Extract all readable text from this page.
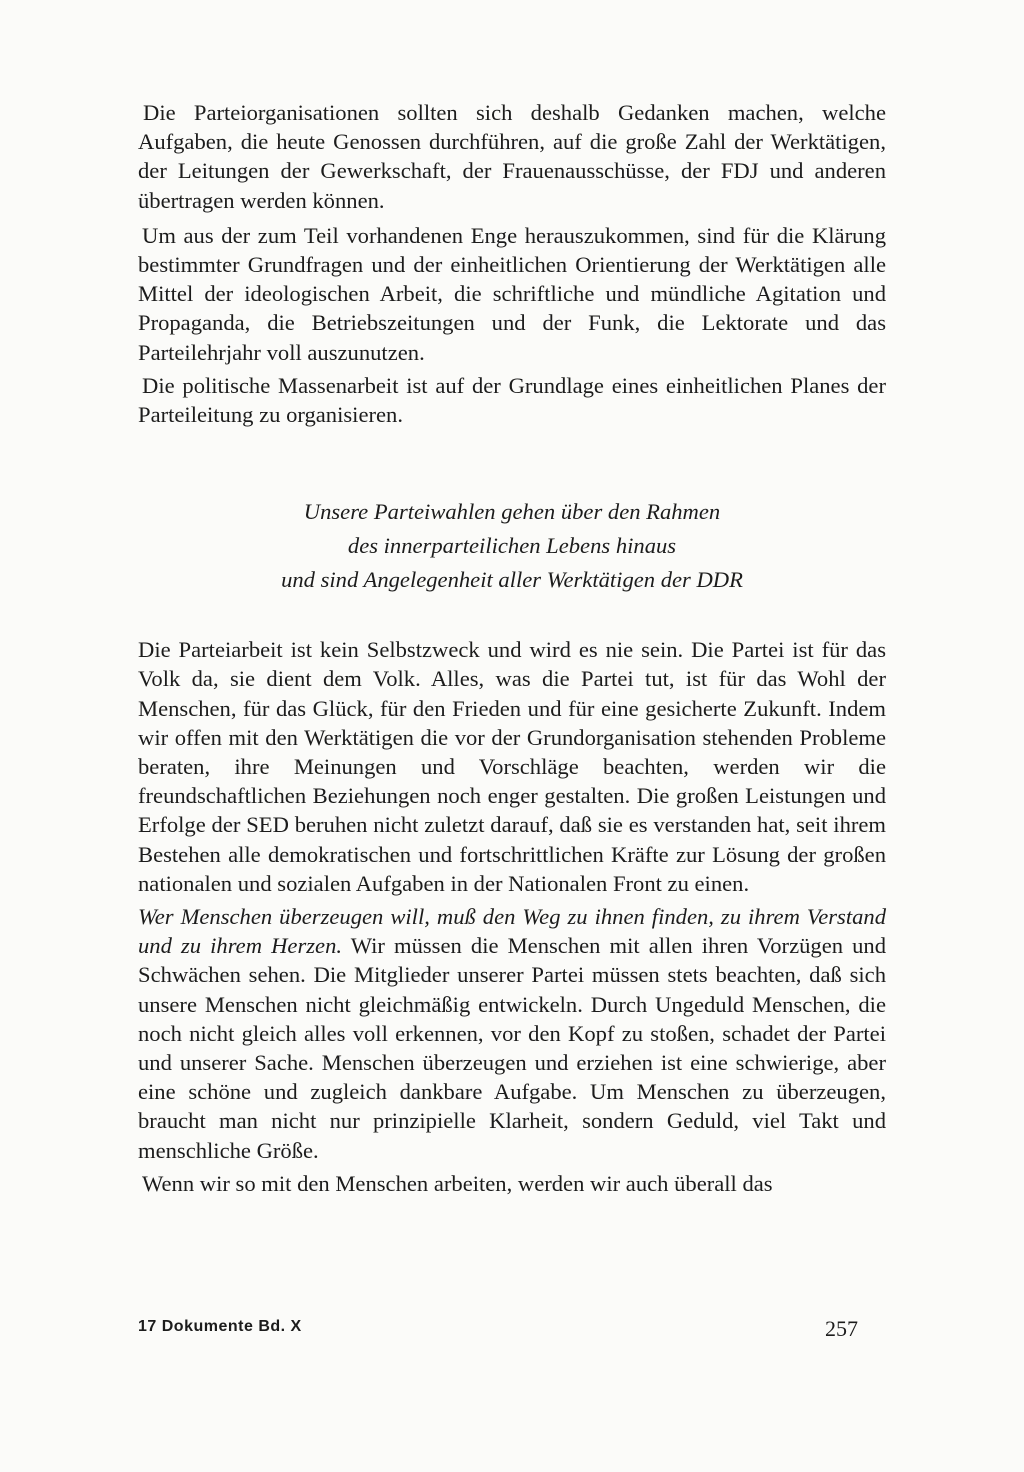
Die Parteiorganisationen sollten sich deshalb Gedanken machen, welche Aufgaben, die heute Genossen durchführen, auf die große Zahl der Werktätigen, der Leitungen der Gewerkschaft, der Frauenausschüsse, der FDJ und anderen übertragen werden können.

Um aus der zum Teil vorhandenen Enge herauszukommen, sind für die Klärung bestimmter Grundfragen und der einheitlichen Orientierung der Werktätigen alle Mittel der ideologischen Arbeit, die schriftliche und mündliche Agitation und Propaganda, die Betriebszeitungen und der Funk, die Lektorate und das Parteilehrjahr voll auszunutzen.

Die politische Massenarbeit ist auf der Grundlage eines einheitlichen Planes der Parteileitung zu organisieren.

Unsere Parteiwahlen gehen über den Rahmen
des innerparteilichen Lebens hinaus
und sind Angelegenheit aller Werktätigen der DDR

Die Parteiarbeit ist kein Selbstzweck und wird es nie sein. Die Partei ist für das Volk da, sie dient dem Volk. Alles, was die Partei tut, ist für das Wohl der Menschen, für das Glück, für den Frieden und für eine gesicherte Zukunft. Indem wir offen mit den Werktätigen die vor der Grundorganisation stehenden Probleme beraten, ihre Meinungen und Vorschläge beachten, werden wir die freundschaftlichen Beziehungen noch enger gestalten. Die großen Leistungen und Erfolge der SED beruhen nicht zuletzt darauf, daß sie es verstanden hat, seit ihrem Bestehen alle demokratischen und fortschrittlichen Kräfte zur Lösung der großen nationalen und sozialen Aufgaben in der Nationalen Front zu einen.

Wer Menschen überzeugen will, muß den Weg zu ihnen finden, zu ihrem Verstand und zu ihrem Herzen. Wir müssen die Menschen mit allen ihren Vorzügen und Schwächen sehen. Die Mitglieder unserer Partei müssen stets beachten, daß sich unsere Menschen nicht gleichmäßig entwickeln. Durch Ungeduld Menschen, die noch nicht gleich alles voll erkennen, vor den Kopf zu stoßen, schadet der Partei und unserer Sache. Menschen überzeugen und erziehen ist eine schwierige, aber eine schöne und zugleich dankbare Aufgabe. Um Menschen zu überzeugen, braucht man nicht nur prinzipielle Klarheit, sondern Geduld, viel Takt und menschliche Größe.

Wenn wir so mit den Menschen arbeiten, werden wir auch überall das

17 Dokumente Bd. X	257
